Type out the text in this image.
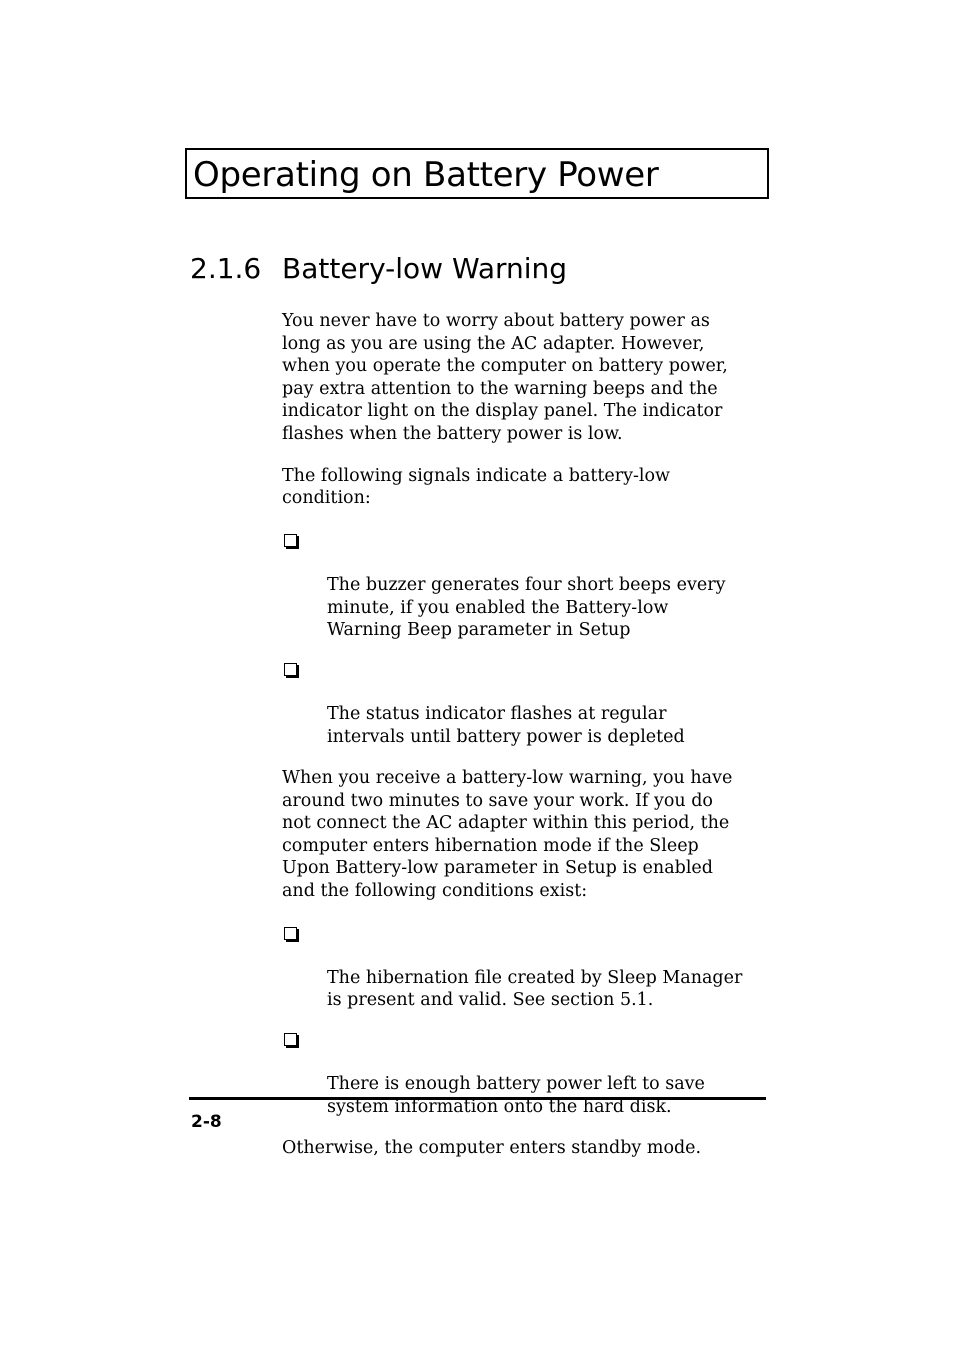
Operating on Battery Power
2.1.6 Battery-low Warning

You never have to worry about battery power as
long as you are using the AC adapter. However,
when you operate the computer on battery power,
pay extra attention to the warning beeps and the
indicator light on the display panel. The indicator
flashes when the battery power is low.

The following signals indicate a battery-low
condition:

The buzzer generates four short beeps every
minute, if you enabled the Battery-low
Warning Beep parameter in Setup

The status indicator flashes at regular
intervals until battery power is depleted

When you receive a battery-low warning, you have
around two minutes to save your work. If you do
not connect the AC adapter within this period, the
computer enters hibernation mode if the Sleep
Upon Battery-low parameter in Setup is enabled
and the following conditions exist:

The hibernation file created by Sleep Manager
is present and valid. See section 5.1.

There is enough battery power left to save
system information onto the hard disk.

Otherwise, the computer enters standby mode.

2-8
